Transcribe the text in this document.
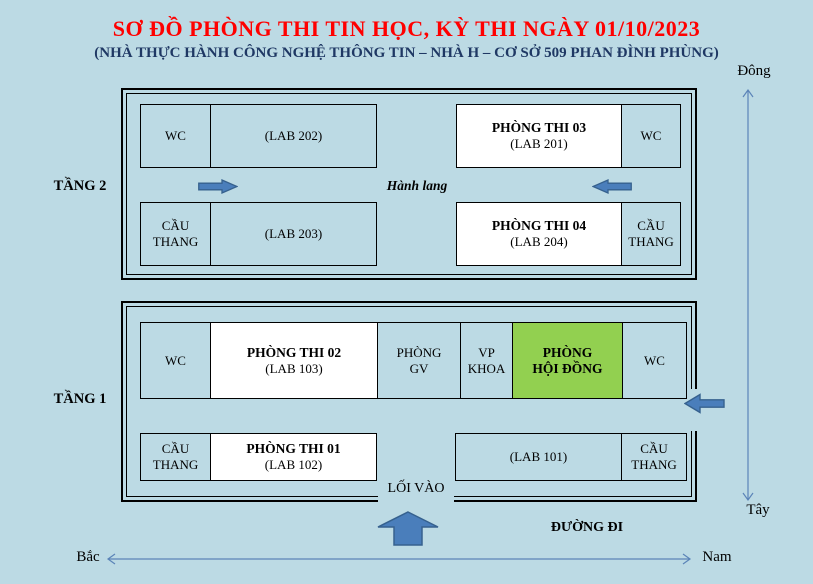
SƠ ĐỒ PHÒNG THI TIN HỌC, KỲ THI NGÀY 01/10/2023
(NHÀ THỰC HÀNH CÔNG NGHỆ THÔNG TIN – NHÀ H – CƠ SỞ 509 PHAN ĐÌNH PHÙNG)
Đông
Tây
TẦNG 2
WC	(LAB 202)
PHÒNG THI 03
(LAB 201)
WC
Hành lang
CẦU
THANG
(LAB 203)
PHÒNG THI 04
(LAB 204)
CẦU
THANG
TẦNG 1
WC
PHÒNG THI 02
(LAB 103)
PHÒNG
GV
VP
KHOA
PHÒNG
HỘI ĐỒNG
WC
CẦU
THANG
PHÒNG THI 01
(LAB 102)
(LAB 101)
CẦU
THANG
LỐI VÀO
ĐƯỜNG ĐI
Bắc	Nam
